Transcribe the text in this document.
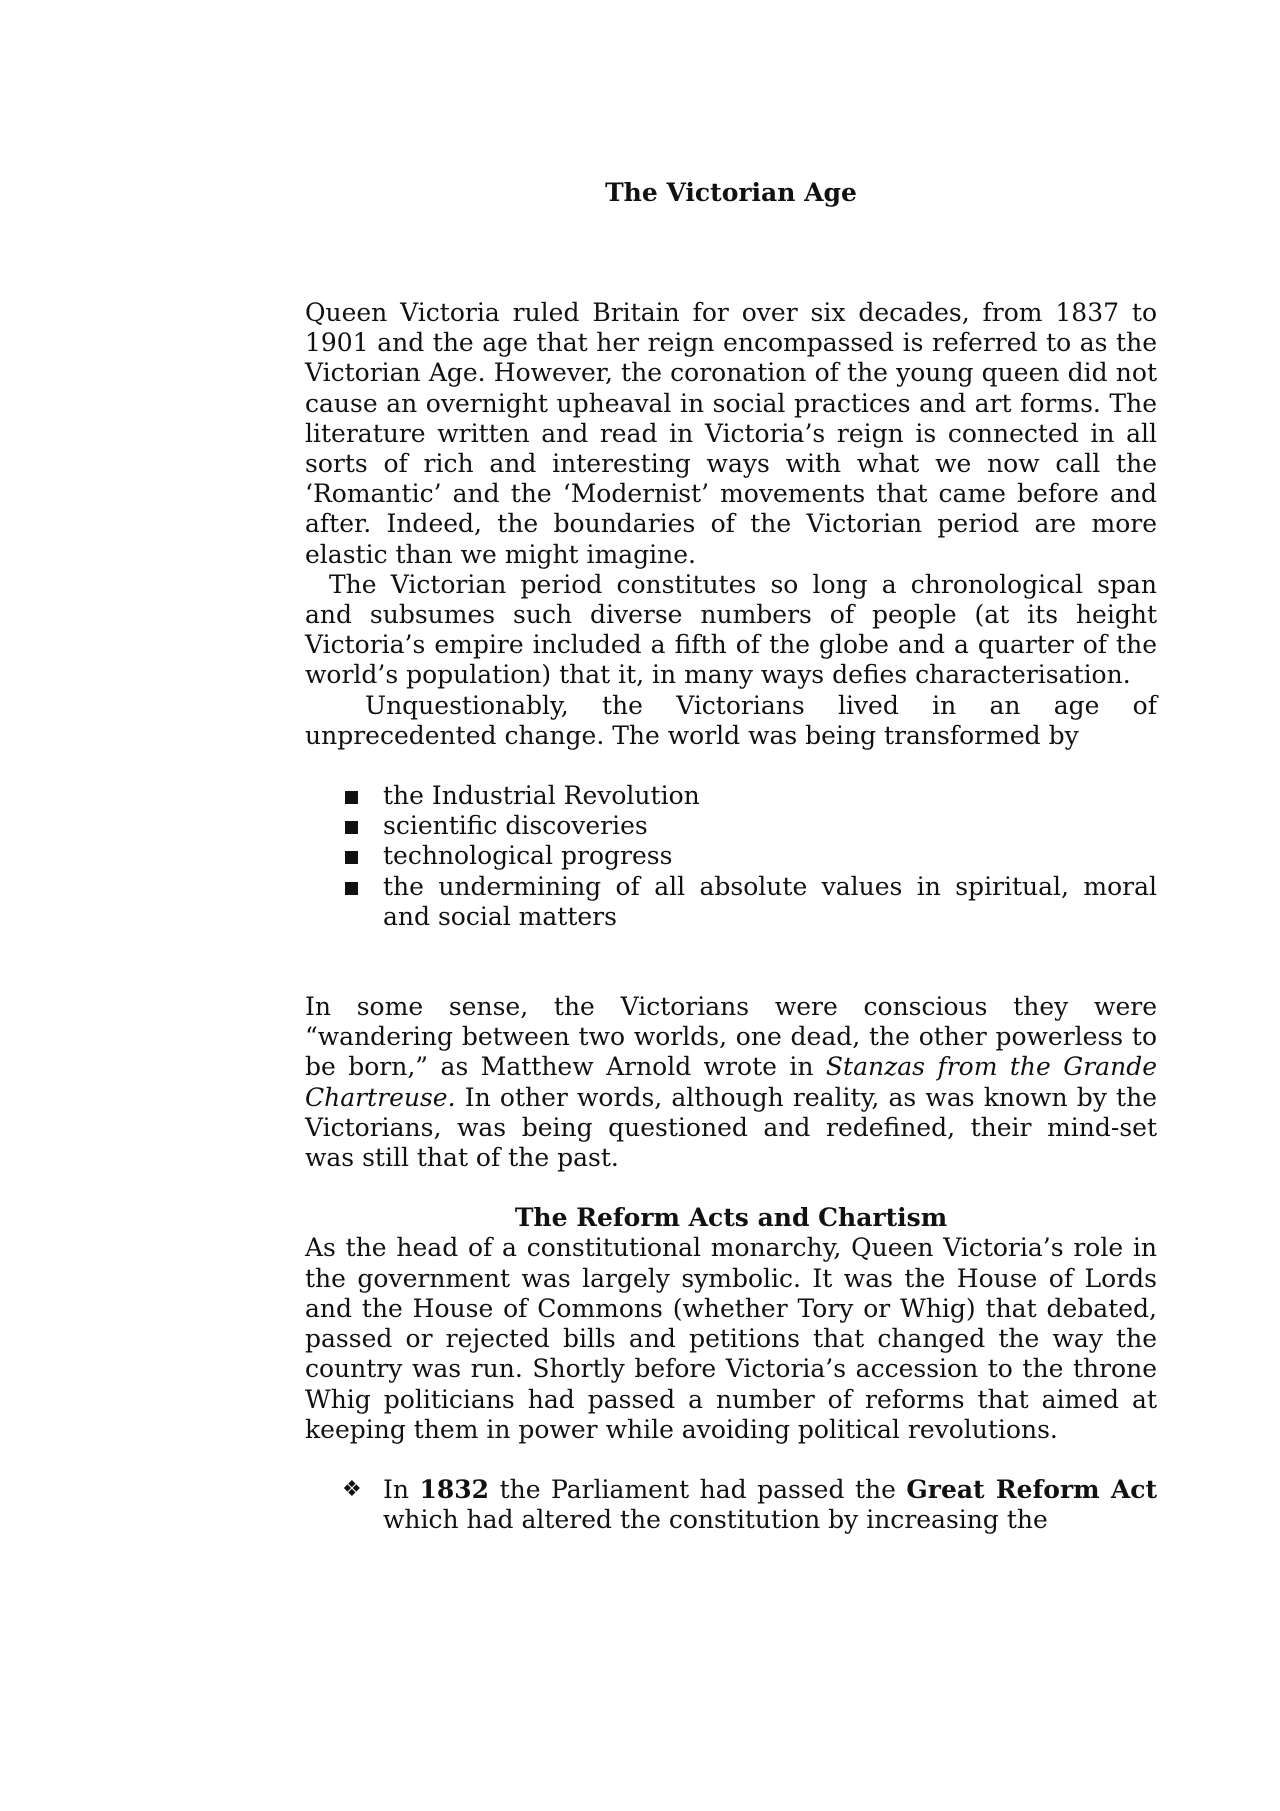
The Victorian Age

Queen Victoria ruled Britain for over six decades, from 1837 to 1901 and the age that her reign encompassed is referred to as the Victorian Age. However, the coronation of the young queen did not cause an overnight upheaval in social practices and art forms. The literature written and read in Victoria’s reign is connected in all sorts of rich and interesting ways with what we now call the ‘Romantic’ and the ‘Modernist’ movements that came before and after. Indeed, the boundaries of the Victorian period are more elastic than we might imagine.

The Victorian period constitutes so long a chronological span and subsumes such diverse numbers of people (at its height Victoria’s empire included a fifth of the globe and a quarter of the world’s population) that it, in many ways defies characterisation.

Unquestionably, the Victorians lived in an age of unprecedented change. The world was being transformed by

the Industrial Revolution
scientific discoveries
technological progress
the undermining of all absolute values in spiritual, moral and social matters

In some sense, the Victorians were conscious they were “wandering between two worlds, one dead, the other powerless to be born,” as Matthew Arnold wrote in Stanzas from the Grande Chartreuse. In other words, although reality, as was known by the Victorians, was being questioned and redefined, their mind-set was still that of the past.

The Reform Acts and Chartism

As the head of a constitutional monarchy, Queen Victoria’s role in the government was largely symbolic. It was the House of Lords and the House of Commons (whether Tory or Whig) that debated, passed or rejected bills and petitions that changed the way the country was run. Shortly before Victoria’s accession to the throne Whig politicians had passed a number of reforms that aimed at keeping them in power while avoiding political revolutions.

❖ In 1832 the Parliament had passed the Great Reform Act which had altered the constitution by increasing the
